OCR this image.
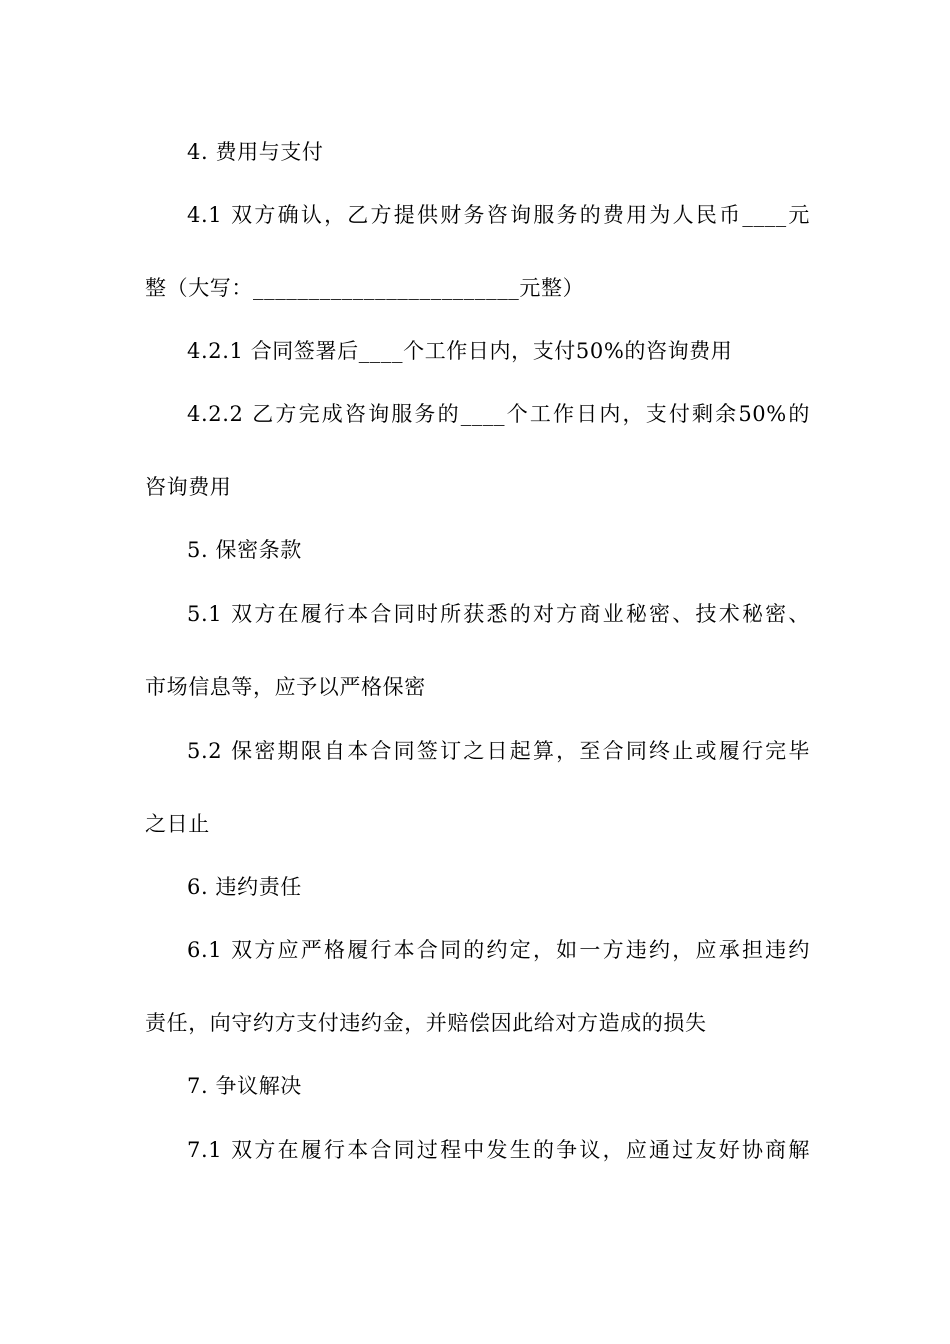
4. 费用与支付
4.1 双方确认，乙方提供财务咨询服务的费用为人民币____元
整（大写：________________________元整）
4.2.1 合同签署后____个工作日内，支付50%的咨询费用
4.2.2 乙方完成咨询服务的____个工作日内，支付剩余50%的
咨询费用
5. 保密条款
5.1 双方在履行本合同时所获悉的对方商业秘密、技术秘密、
市场信息等，应予以严格保密
5.2 保密期限自本合同签订之日起算，至合同终止或履行完毕
之日止
6. 违约责任
6.1 双方应严格履行本合同的约定，如一方违约，应承担违约
责任，向守约方支付违约金，并赔偿因此给对方造成的损失
7. 争议解决
7.1 双方在履行本合同过程中发生的争议，应通过友好协商解
